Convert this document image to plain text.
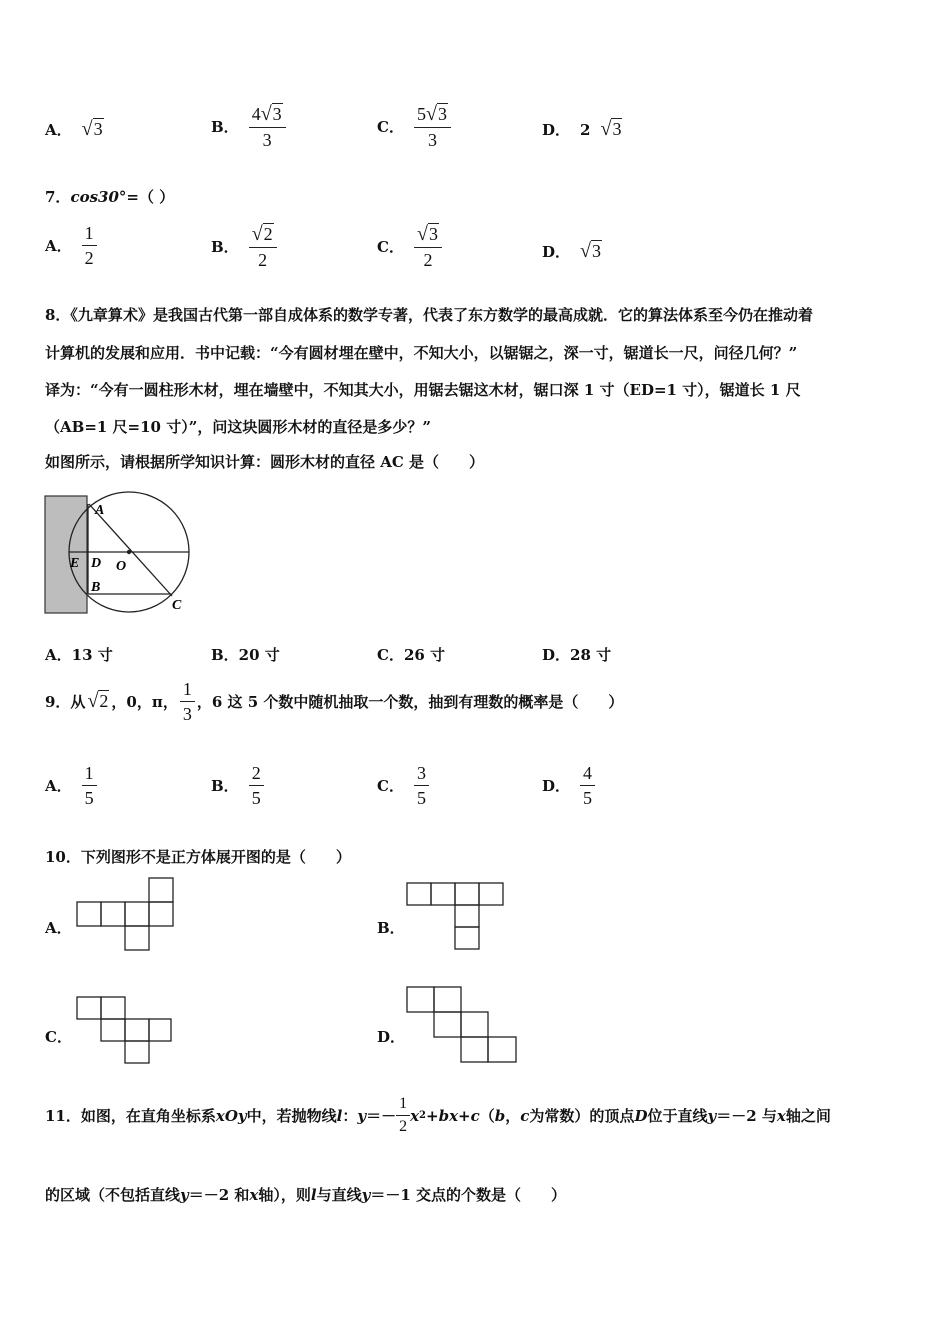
A． √3	B． $\frac{4√3}{3}$	C． $\frac{5√3}{3}$	D． 2 √3
7．cos30°=（ ）
A． $\frac{1}{2}$	B． $\frac{√2}{2}$	C． $\frac{√3}{2}$	D． √3
8．《九章算术》是我国古代第一部自成体系的数学专著，代表了东方数学的最高成就．它的算法体系至今仍在推动着
计算机的发展和应用．书中记载：“今有圆材埋在壁中，不知大小，以锯锯之，深一寸，锯道长一尺，问径几何？”
译为：“今有一圆柱形木材，埋在墙壁中，不知其大小，用锯去锯这木材，锯口深 1 寸（ED=1 寸），锯道长 1 尺
（AB=1 尺=10 寸）”，问这块圆形木材的直径是多少？”
如图所示，请根据所学知识计算：圆形木材的直径 AC 是（　　）
A
E D O
B
C
A．13 寸	B．20 寸	C．26 寸	D．28 寸
9．从 √2 ，0，π， $\frac{1}{3}$ ，6 这 5 个数中随机抽取一个数，抽到有理数的概率是（　　）
A． $\frac{1}{5}$	B． $\frac{2}{5}$	C． $\frac{3}{5}$	D． $\frac{4}{5}$
10．下列图形不是正方体展开图的是（　　）
A．	B．
C．	D．
11．如图，在直角坐标系 xOy 中，若抛物线 l ： $y =- \frac{1}{2}$ x 2 + bx + c （ b ， c 为常数）的顶点 D 位于直线 y ＝－2 与 x 轴之间
的区域（不包括直线y＝－2 和x轴），则l与直线y＝－1 交点的个数是（　　）
